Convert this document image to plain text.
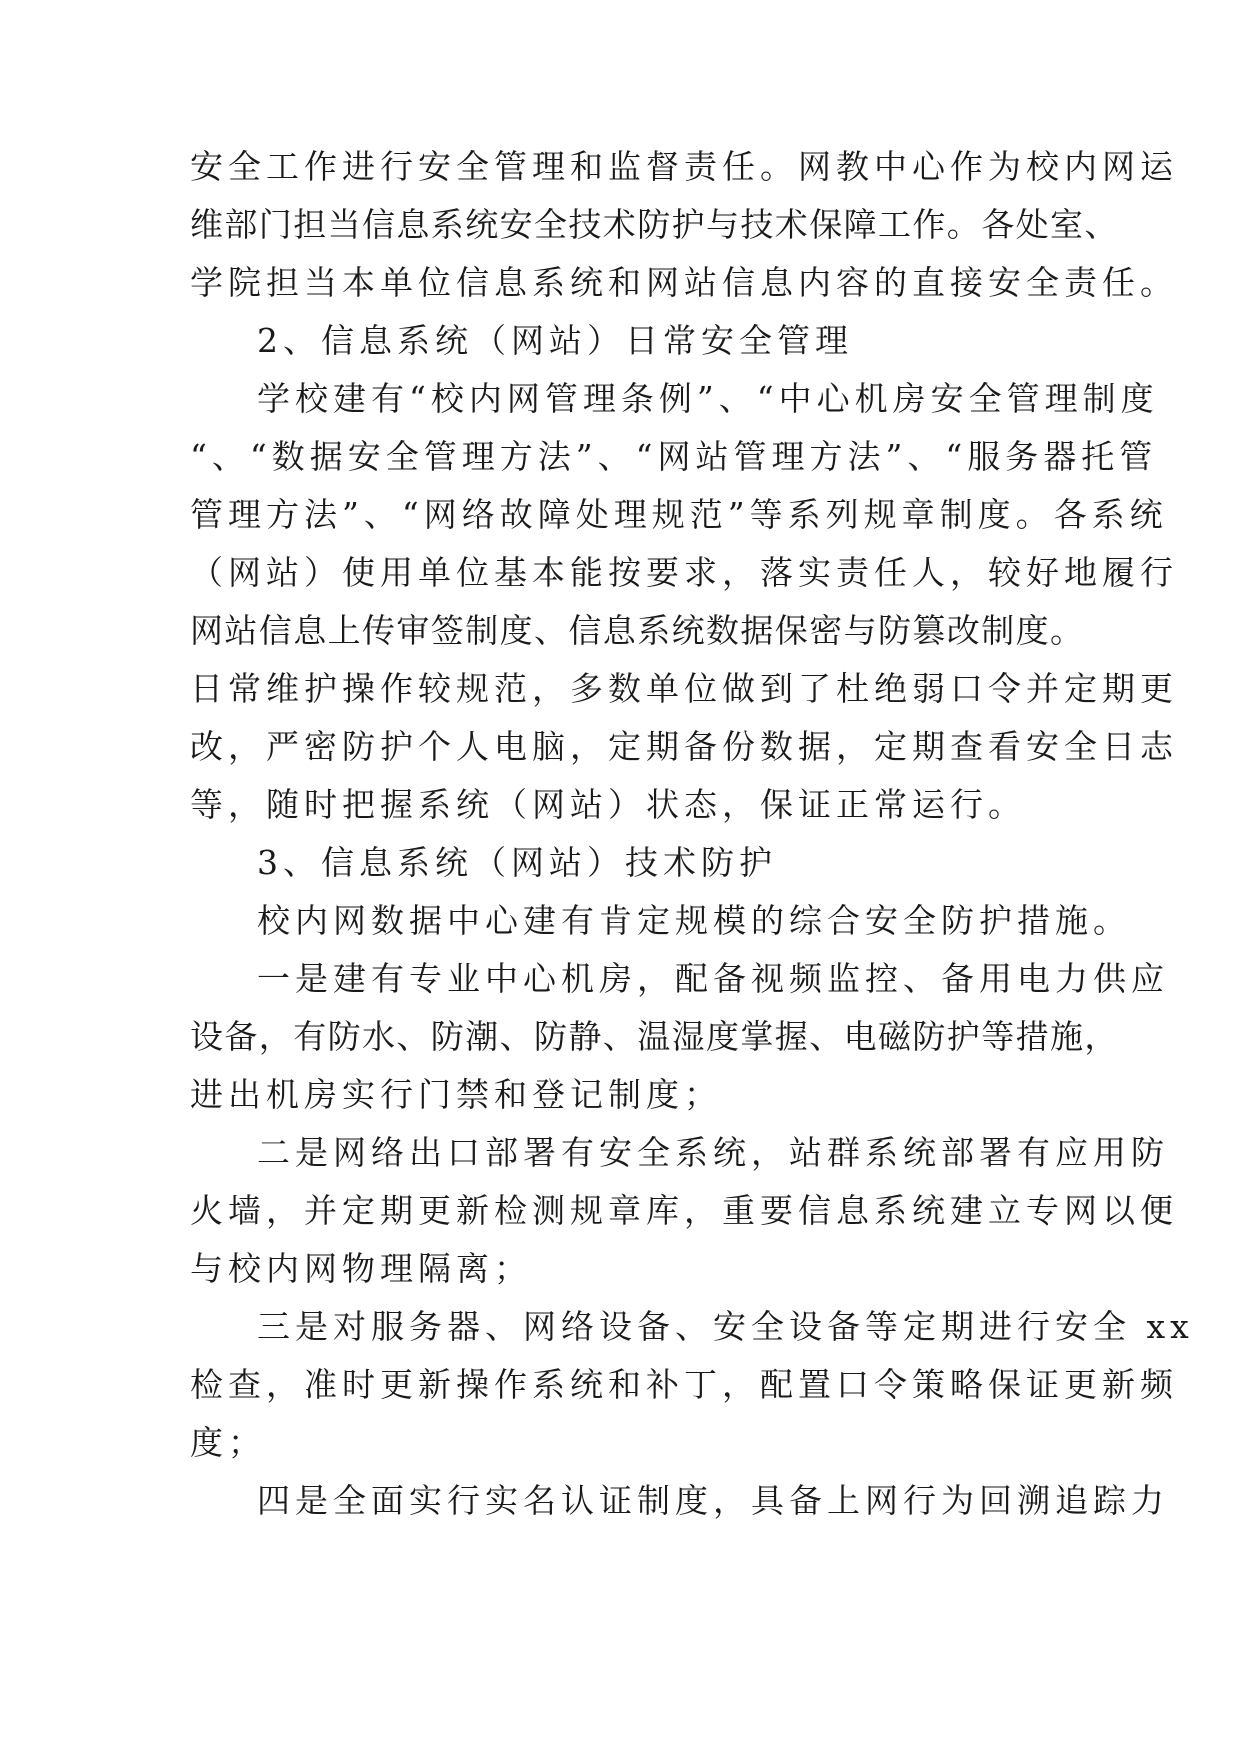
安全工作进行安全管理和监督责任。网教中心作为校内网运
维部门担当信息系统安全技术防护与技术保障工作。各处室、
学院担当本单位信息系统和网站信息内容的直接安全责任。
2、信息系统（网站）日常安全管理
学校建有“校内网管理条例”、“中心机房安全管理制度
“、“数据安全管理方法”、“网站管理方法”、“服务器托管
管理方法”、“网络故障处理规范”等系列规章制度。各系统
（网站）使用单位基本能按要求，落实责任人，较好地履行
网站信息上传审签制度、信息系统数据保密与防篡改制度。
日常维护操作较规范，多数单位做到了杜绝弱口令并定期更
改，严密防护个人电脑，定期备份数据，定期查看安全日志
等，随时把握系统（网站）状态，保证正常运行。
3、信息系统（网站）技术防护
校内网数据中心建有肯定规模的综合安全防护措施。
一是建有专业中心机房，配备视频监控、备用电力供应
设备，有防水、防潮、防静、温湿度掌握、电磁防护等措施，
进出机房实行门禁和登记制度；
二是网络出口部署有安全系统，站群系统部署有应用防
火墙，并定期更新检测规章库，重要信息系统建立专网以便
与校内网物理隔离；
三是对服务器、网络设备、安全设备等定期进行安全 xx
检查，准时更新操作系统和补丁，配置口令策略保证更新频
度；
四是全面实行实名认证制度，具备上网行为回溯追踪力
